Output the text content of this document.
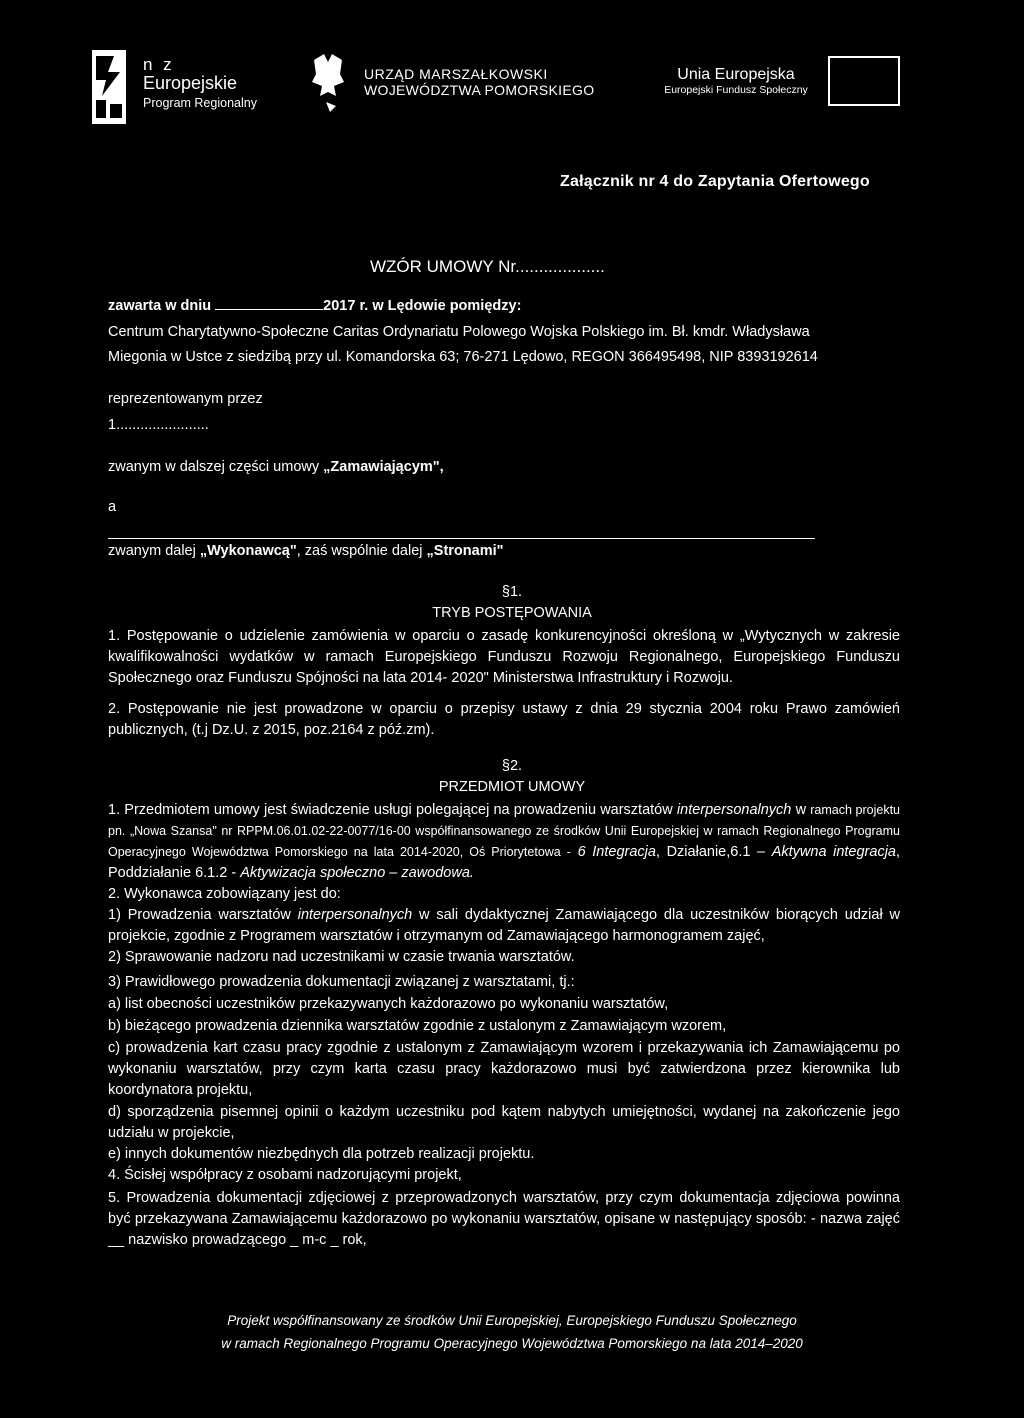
n z
Europejskie
Program Regionalny
URZĄD MARSZAŁKOWSKI
WOJEWÓDZTWA POMORSKIEGO
Unia Europejska
Europejski Fundusz Społeczny
Załącznik nr 4 do Zapytania Ofertowego
WZÓR UMOWY Nr...................
zawarta w dniu	2017 r. w Lędowie pomiędzy:
Centrum Charytatywno-Społeczne Caritas Ordynariatu Polowego Wojska Polskiego im. Bł. kmdr. Władysława
Miegonia w Ustce z siedzibą przy ul. Komandorska 63; 76-271 Lędowo, REGON 366495498, NIP 8393192614
reprezentowanym przez
1.......................
zwanym w dalszej części umowy „Zamawiającym",
a
zwanym dalej „Wykonawcą", zaś wspólnie dalej „Stronami"
§1.
TRYB POSTĘPOWANIA
1. Postępowanie o udzielenie zamówienia w oparciu o zasadę konkurencyjności określoną w „Wytycznych w zakresie kwalifikowalności wydatków w ramach Europejskiego Funduszu Rozwoju Regionalnego, Europejskiego Funduszu Społecznego oraz Funduszu Spójności na lata 2014- 2020" Ministerstwa Infrastruktury i Rozwoju.
2. Postępowanie nie jest prowadzone w oparciu o przepisy ustawy z dnia 29 stycznia 2004 roku Prawo zamówień publicznych, (t.j Dz.U. z 2015, poz.2164 z póź.zm).
§2.
PRZEDMIOT UMOWY
1. Przedmiotem umowy jest świadczenie usługi polegającej na prowadzeniu warsztatów interpersonalnych w ramach projektu pn. „Nowa Szansa" nr RPPM.06.01.02-22-0077/16-00 współfinansowanego ze środków Unii Europejskiej w ramach Regionalnego Programu Operacyjnego Województwa Pomorskiego na lata 2014-2020, Oś Priorytetowa - 6 Integracja, Działanie,6.1 – Aktywna integracja, Poddziałanie 6.1.2 - Aktywizacja społeczno – zawodowa.
2. Wykonawca zobowiązany jest do:
1) Prowadzenia warsztatów interpersonalnych w sali dydaktycznej Zamawiającego dla uczestników biorących udział w projekcie, zgodnie z Programem warsztatów i otrzymanym od Zamawiającego harmonogramem zajęć,
2) Sprawowanie nadzoru nad uczestnikami w czasie trwania warsztatów.
3) Prawidłowego prowadzenia dokumentacji związanej z warsztatami, tj.:
a) list obecności uczestników przekazywanych każdorazowo po wykonaniu warsztatów,
b) bieżącego prowadzenia dziennika warsztatów zgodnie z ustalonym z Zamawiającym wzorem,
c) prowadzenia kart czasu pracy zgodnie z ustalonym z Zamawiającym wzorem i przekazywania ich Zamawiającemu po wykonaniu warsztatów, przy czym karta czasu pracy każdorazowo musi być zatwierdzona przez kierownika lub koordynatora projektu,
d) sporządzenia pisemnej opinii o każdym uczestniku pod kątem nabytych umiejętności, wydanej na zakończenie jego udziału w projekcie,
e) innych dokumentów niezbędnych dla potrzeb realizacji projektu.
4. Ścisłej współpracy z osobami nadzorującymi projekt,
5. Prowadzenia dokumentacji zdjęciowej z przeprowadzonych warsztatów, przy czym dokumentacja zdjęciowa powinna być przekazywana Zamawiającemu każdorazowo po wykonaniu warsztatów, opisane w następujący sposób: - nazwa zajęć __ nazwisko prowadzącego _ m-c _ rok,
Projekt współfinansowany ze środków Unii Europejskiej, Europejskiego Funduszu Społecznego
w ramach Regionalnego Programu Operacyjnego Województwa Pomorskiego na lata 2014–2020
